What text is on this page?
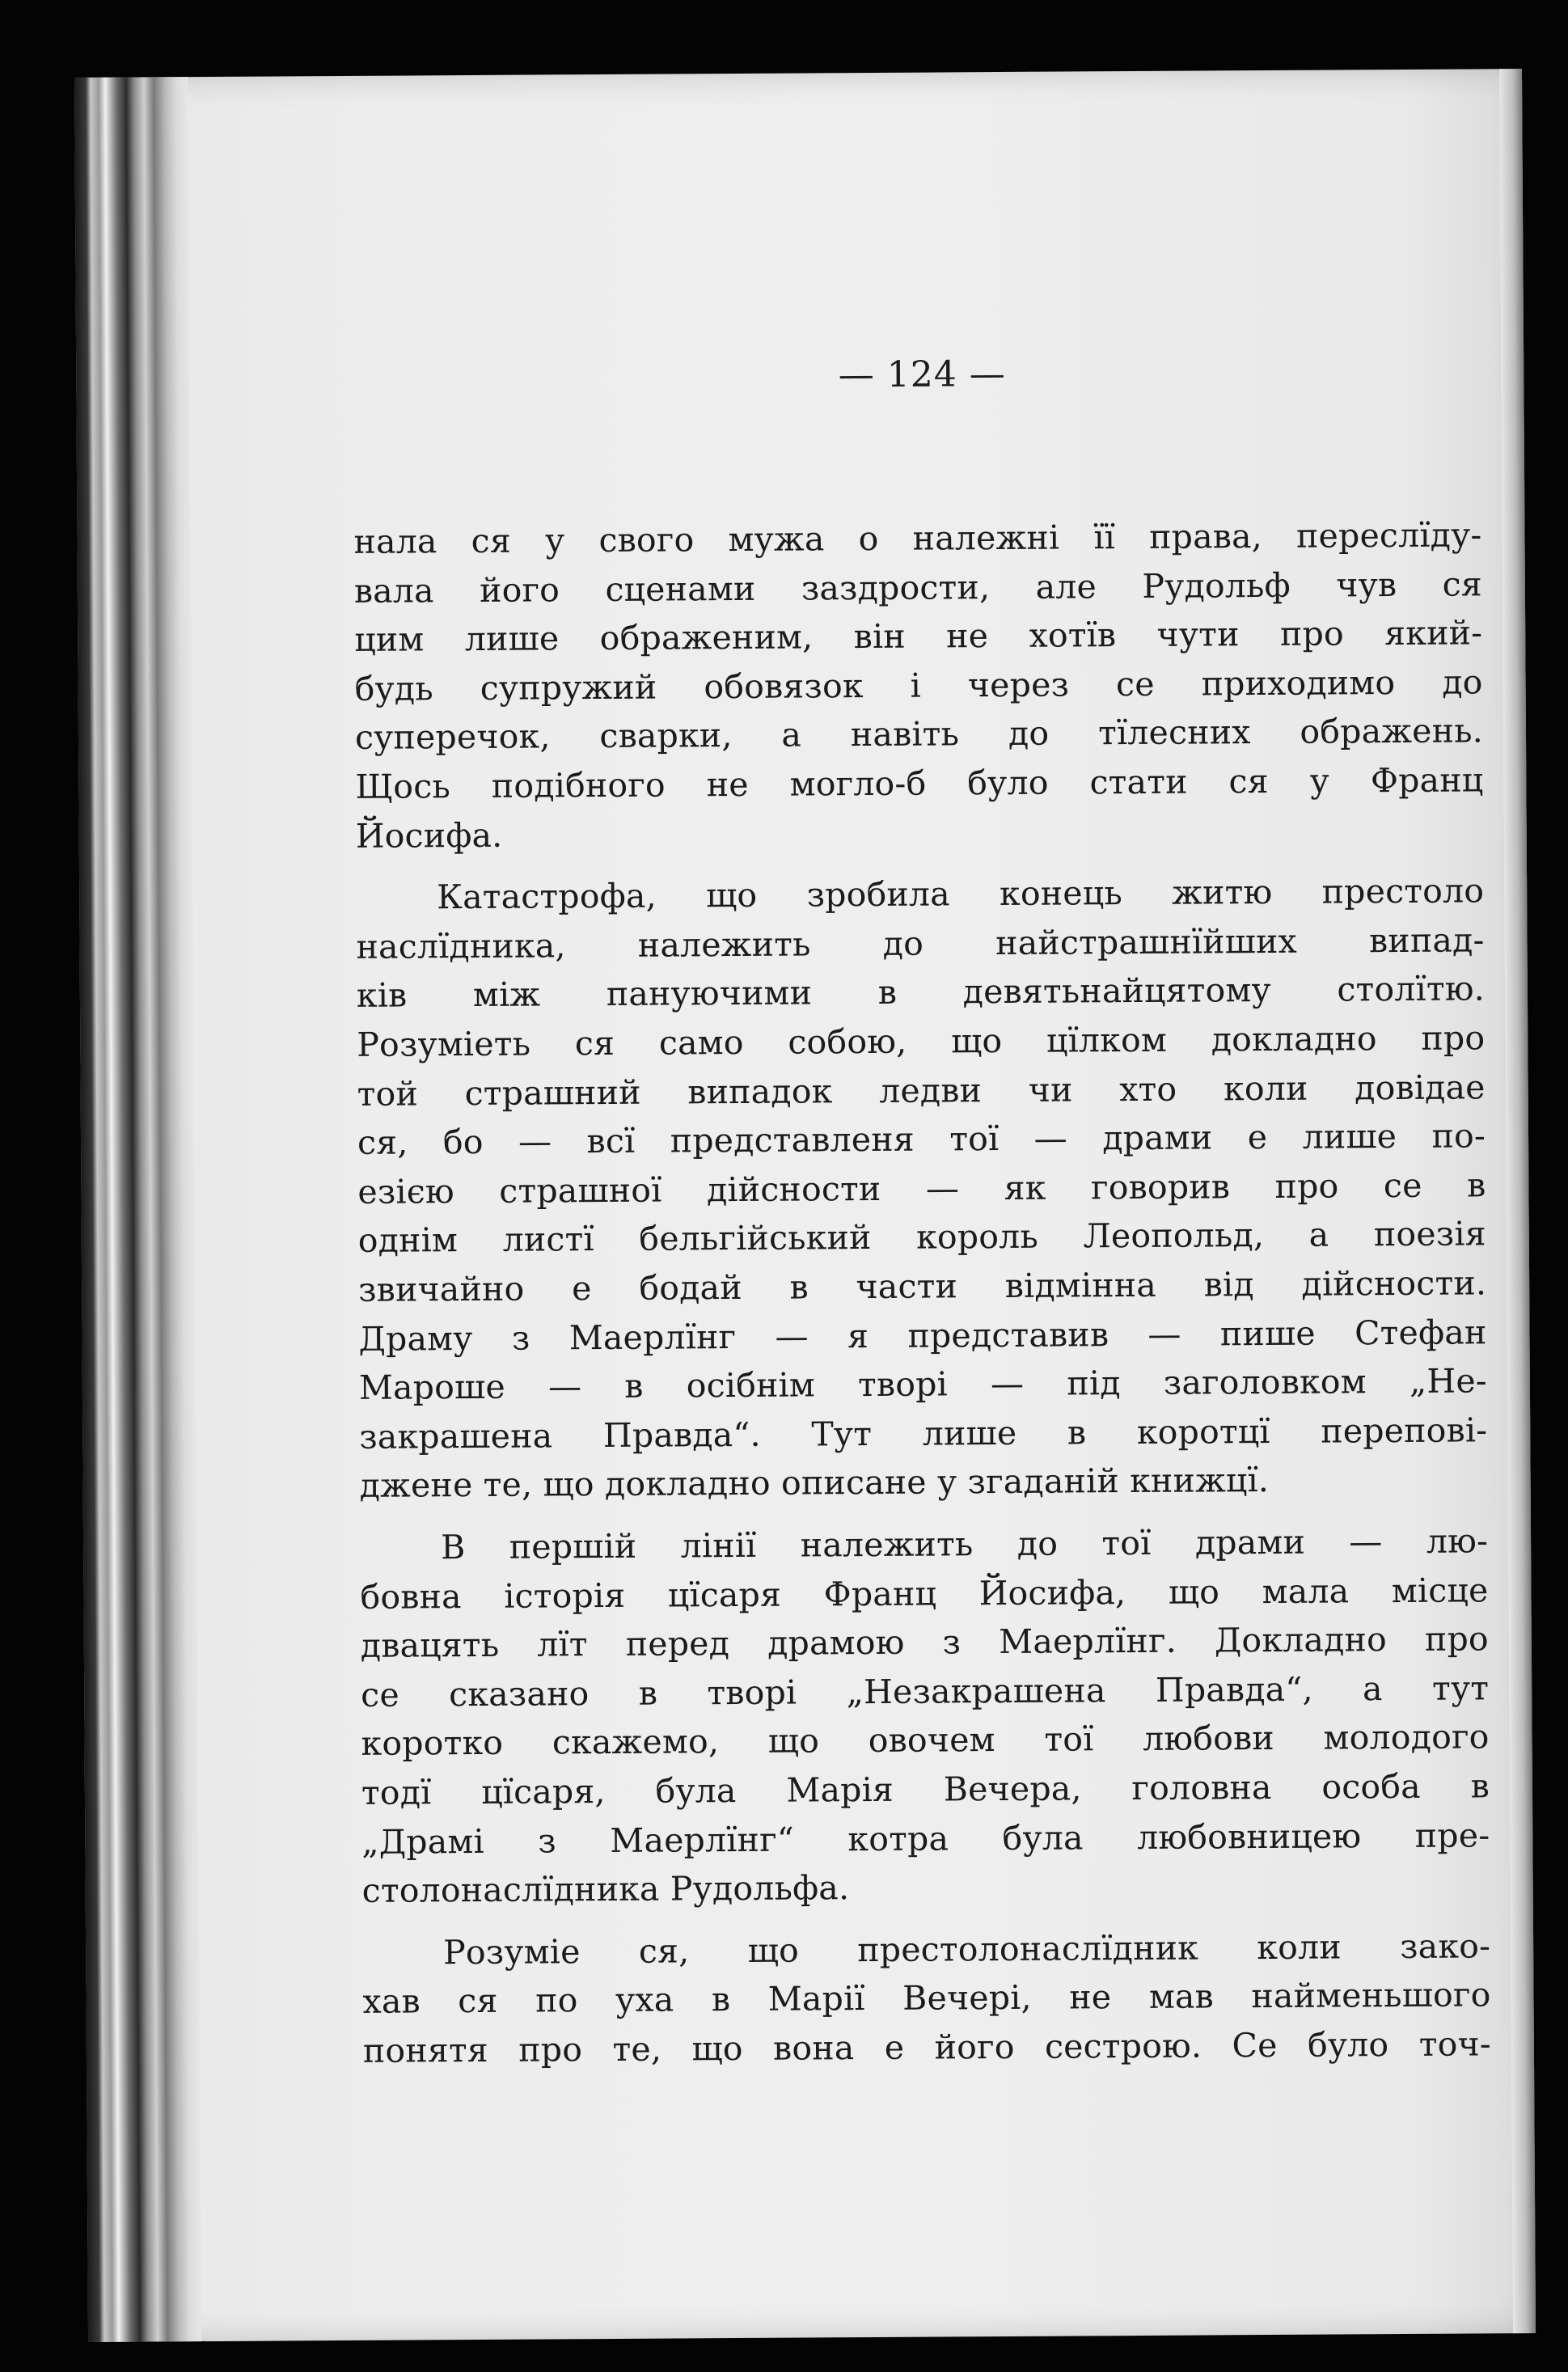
— 124 —
нала ся у свого мужа о належні її права, переслїду-
вала його сценами заздрости, але Рудольф чув ся
цим лише ображеним, він не хотїв чути про який-
будь супружий обовязок і через се приходимо до
суперечок, сварки, а навіть до тїлесних ображень.
Щось подібного не могло-б було стати ся у Франц
Йосифа.
Катастрофа, що зробила конець житю престоло
наслїдника, належить до найстрашнїйших випад-
ків між пануючими в девятьнайцятому столїтю.
Розуміеть ся само собою, що цїлком докладно про
той страшний випадок ледви чи хто коли довідае
ся, бо — всї представленя тої — драми е лише по-
езією страшної дійсности — як говорив про се в
однім листї бельгійський король Леопольд, а поезія
звичайно е бодай в части відмінна від дійсности.
Драму з Маерлїнг — я представив — пише Стефан
Мароше — в осібнім творі — під заголовком „Не-
закрашена Правда“. Тут лише в коротцї перепові-
джене те, що докладно описане у згаданій книжцї.
В першій лінії належить до тої драми — лю-
бовна історія цїсаря Франц Йосифа, що мала місце
двацять лїт перед драмою з Маерлїнг. Докладно про
се сказано в творі „Незакрашена Правда“, а тут
коротко скажемо, що овочем тої любови молодого
тодї цїсаря, була Марія Вечера, головна особа в
„Драмі з Маерлїнг“ котра була любовницею пре-
столонаслїдника Рудольфа.
Розуміе ся, що престолонаслїдник коли зако-
хав ся по уха в Марії Вечері, не мав найменьшого
понятя про те, що вона е його сестрою. Се було точ-
